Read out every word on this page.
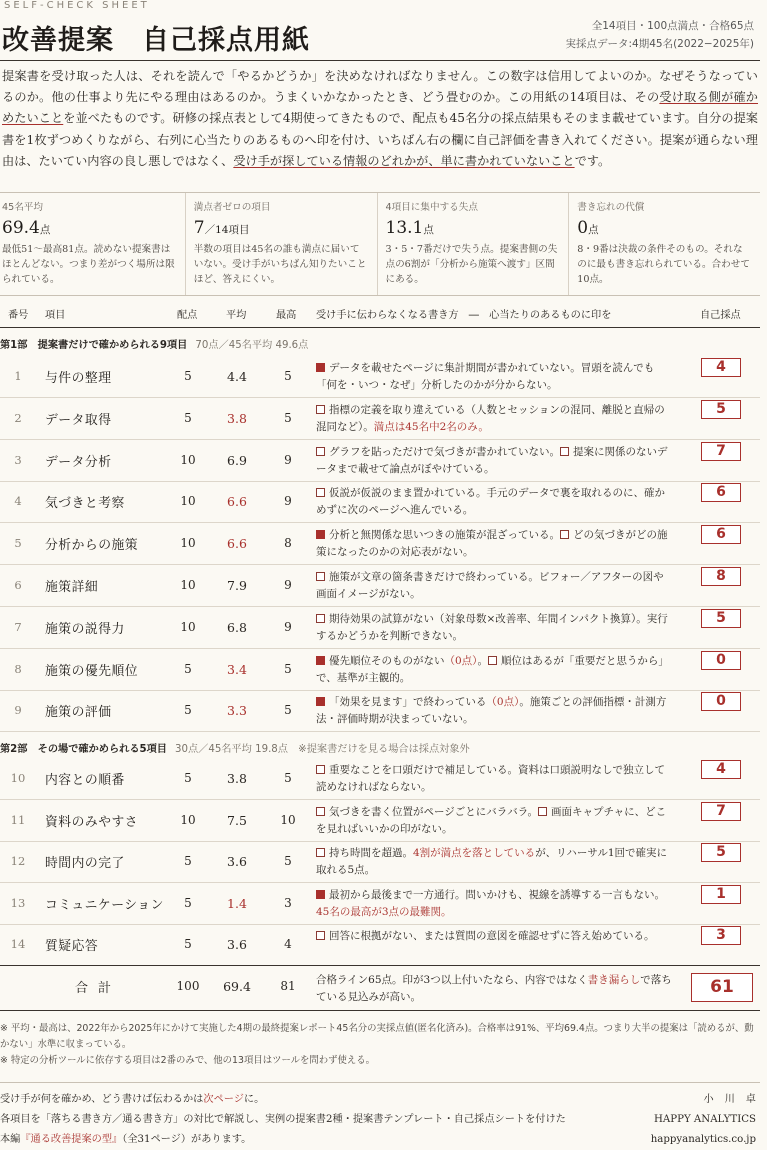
SELF-CHECK SHEET
改善提案　自己採点用紙	全14項目・100点満点・合格65点
実採点データ:4期45名(2022−2025年)
提案書を受け取った人は、それを読んで「やるかどうか」を決めなければなりません。この数字は信用してよいのか。なぜそうなっているのか。他の仕事より先にやる理由はあるのか。うまくいかなかったとき、どう畳むのか。この用紙の14項目は、その受け取る側が確かめたいことを並べたものです。研修の採点表として4期使ってきたもので、配点も45名分の採点結果もそのまま載せています。自分の提案書を1枚ずつめくりながら、右列に心当たりのあるものへ印を付け、いちばん右の欄に自己評価を書き入れてください。提案が通らない理由は、たいてい内容の良し悪しではなく、受け手が探している情報のどれかが、単に書かれていないことです。
45名平均
69.4点
最低51〜最高81点。読めない提案書はほとんどない。つまり差がつく場所は限られている。
満点者ゼロの項目
7／14項目
半数の項目は45名の誰も満点に届いていない。受け手がいちばん知りたいことほど、答えにくい。
4項目に集中する失点
13.1点
3・5・7番だけで失う点。提案書側の失点の6割が「分析から施策へ渡す」区間にある。
書き忘れの代償
0点
8・9番は決裁の条件そのもの。それなのに最も書き忘れられている。合わせて10点。
番号 項目	配点	平均	最高 受け手に伝わらなくなる書き方　―　心当たりのあるものに印を	自己採点
第1部　提案書だけで確かめられる9項目 70点／45名平均 49.6点
1	与件の整理	5	4.4	5
データを載せたページに集計期間が書かれていない。冒頭を読んでも「何を・いつ・なぜ」分析したのかが分からない。
4
2	データ取得	5	3.8	5
指標の定義を取り違えている（人数とセッションの混同、離脱と直帰の混同など）。満点は45名中2名のみ。
5
3	データ分析	10	6.9	9
グラフを貼っただけで気づきが書かれていない。 提案に関係のないデータまで載せて論点がぼやけている。
7
4	気づきと考察	10	6.6	9
仮説が仮説のまま置かれている。手元のデータで裏を取れるのに、確かめずに次のページへ進んでいる。
6
5	分析からの施策	10	6.6	8
分析と無関係な思いつきの施策が混ざっている。 どの気づきがどの施策になったのかの対応表がない。
6
6	施策詳細	10	7.9	9
施策が文章の箇条書きだけで終わっている。ビフォー／アフターの図や画面イメージがない。
8
7	施策の説得力	10	6.8	9
期待効果の試算がない（対象母数×改善率、年間インパクト換算）。実行するかどうかを判断できない。
5
8	施策の優先順位	5	3.4	5
優先順位そのものがない（0点）。 順位はあるが「重要だと思うから」で、基準が主観的。
0
9	施策の評価	5	3.3	5
「効果を見ます」で終わっている（0点）。施策ごとの評価指標・計測方法・評価時期が決まっていない。
0
第2部　その場で確かめられる5項目 30点／45名平均 19.8点　※提案書だけを見る場合は採点対象外
10	内容との順番	5	3.8	5
重要なことを口頭だけで補足している。資料は口頭説明なしで独立して読めなければならない。
4
11	資料のみやすさ	10	7.5	10
気づきを書く位置がページごとにバラバラ。 画面キャプチャに、どこを見ればいいかの印がない。
7
12	時間内の完了	5	3.6	5
持ち時間を超過。4割が満点を落としているが、リハーサル1回で確実に取れる5点。
5
13	コミュニケーション	5	1.4	3
最初から最後まで一方通行。問いかけも、視線を誘導する一言もない。45名の最高が3点の最難関。
1
14	質疑応答	5	3.6	4
回答に根拠がない、または質問の意図を確認せずに答え始めている。	3
合計	100	69.4	81	合格ライン65点。印が3つ以上付いたなら、内容ではなく書き漏らしで落ちている見込みが高い。	61
※ 平均・最高は、2022年から2025年にかけて実施した4期の最終提案レポート45名分の実採点値(匿名化済み)。合格率は91%、平均69.4点。つまり大半の提案は「読めるが、動かない」水準に収まっている。
※ 特定の分析ツールに依存する項目は2番のみで、他の13項目はツールを問わず使える。
受け手が何を確かめ、どう書けば伝わるかは次ページに。
各項目を「落ちる書き方／通る書き方」の対比で解説し、実例の提案書2種・提案書テンプレート・自己採点シートを付けた
本編『通る改善提案の型』（全31ページ）があります。
小川卓
HAPPY ANALYTICS
happyanalytics.co.jp
